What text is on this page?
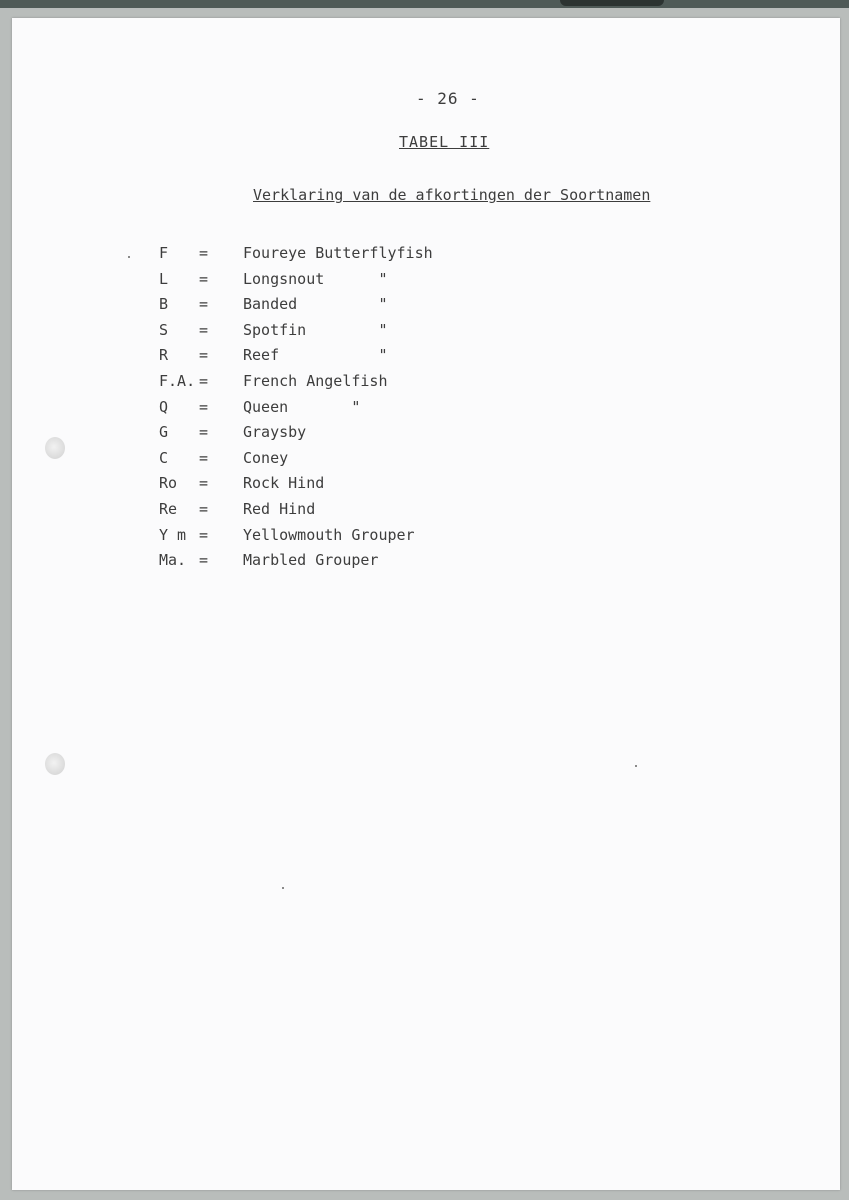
- 26 -
TABEL III
Verklaring van de afkortingen der Soortnamen
F = Foureye Butterflyfish
L = Longsnout      "
B = Banded         "
S = Spotfin        "
R = Reef           "
F.A. = French Angelfish
Q = Queen       "
G = Graysby
C = Coney
Ro = Rock Hind
Re = Red Hind
Y m = Yellowmouth Grouper
Ma. = Marbled Grouper
